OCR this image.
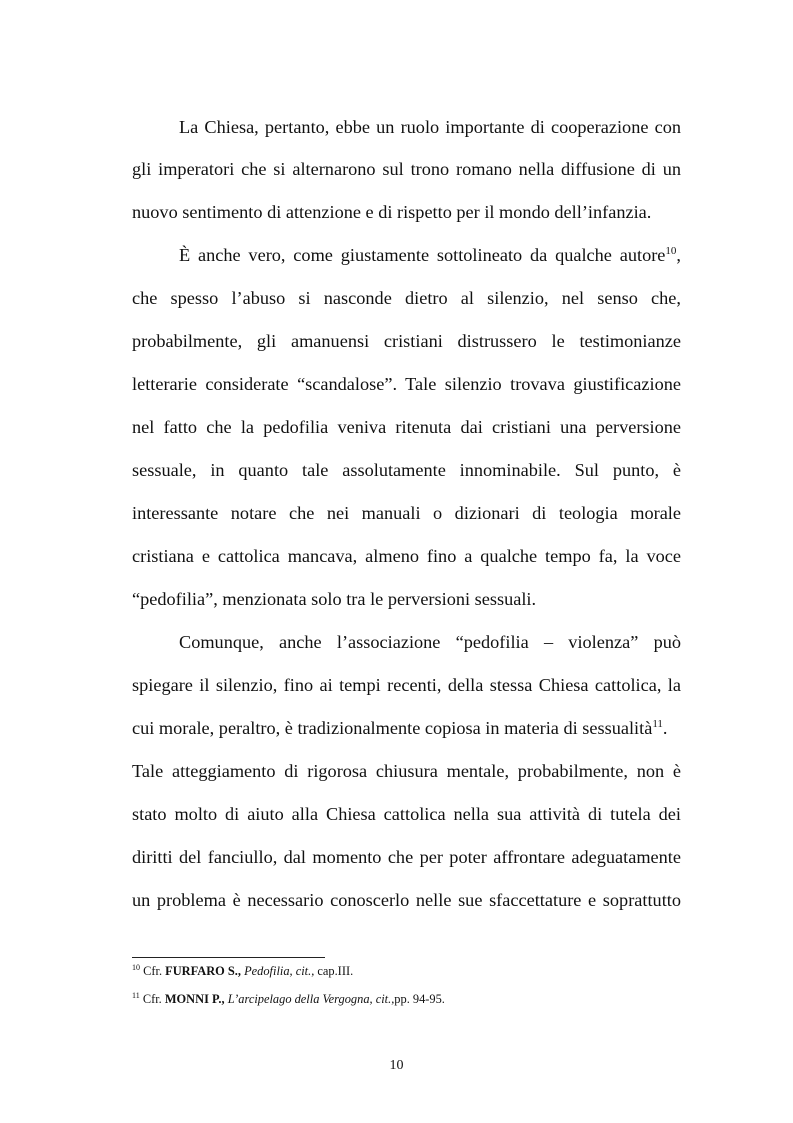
La Chiesa, pertanto, ebbe un ruolo importante di cooperazione con
gli imperatori che si alternarono sul trono romano nella diffusione di un
nuovo sentimento di attenzione e di rispetto per il mondo dell’infanzia.
È anche vero, come giustamente sottolineato da qualche autore$^{10}$,
che spesso l’abuso si nasconde dietro al silenzio, nel senso che,
probabilmente, gli amanuensi cristiani distrussero le testimonianze
letterarie considerate “scandalose”. Tale silenzio trovava giustificazione
nel fatto che la pedofilia veniva ritenuta dai cristiani una perversione
sessuale, in quanto tale assolutamente innominabile. Sul punto, è
interessante notare che nei manuali o dizionari di teologia morale
cristiana e cattolica mancava, almeno fino a qualche tempo fa, la voce
“pedofilia”, menzionata solo tra le perversioni sessuali.
Comunque, anche l’associazione “pedofilia – violenza” può
spiegare il silenzio, fino ai tempi recenti, della stessa Chiesa cattolica, la
cui morale, peraltro, è tradizionalmente copiosa in materia di sessualità$^{11}$.
Tale atteggiamento di rigorosa chiusura mentale, probabilmente, non è
stato molto di aiuto alla Chiesa cattolica nella sua attività di tutela dei
diritti del fanciullo, dal momento che per poter affrontare adeguatamente
un problema è necessario conoscerlo nelle sue sfaccettature e soprattutto
$^{10}$ Cfr. FURFARO S., Pedofilia, cit., cap.III.
$^{11}$ Cfr. MONNI P., L’arcipelago della Vergogna, cit.,pp. 94-95.
10
